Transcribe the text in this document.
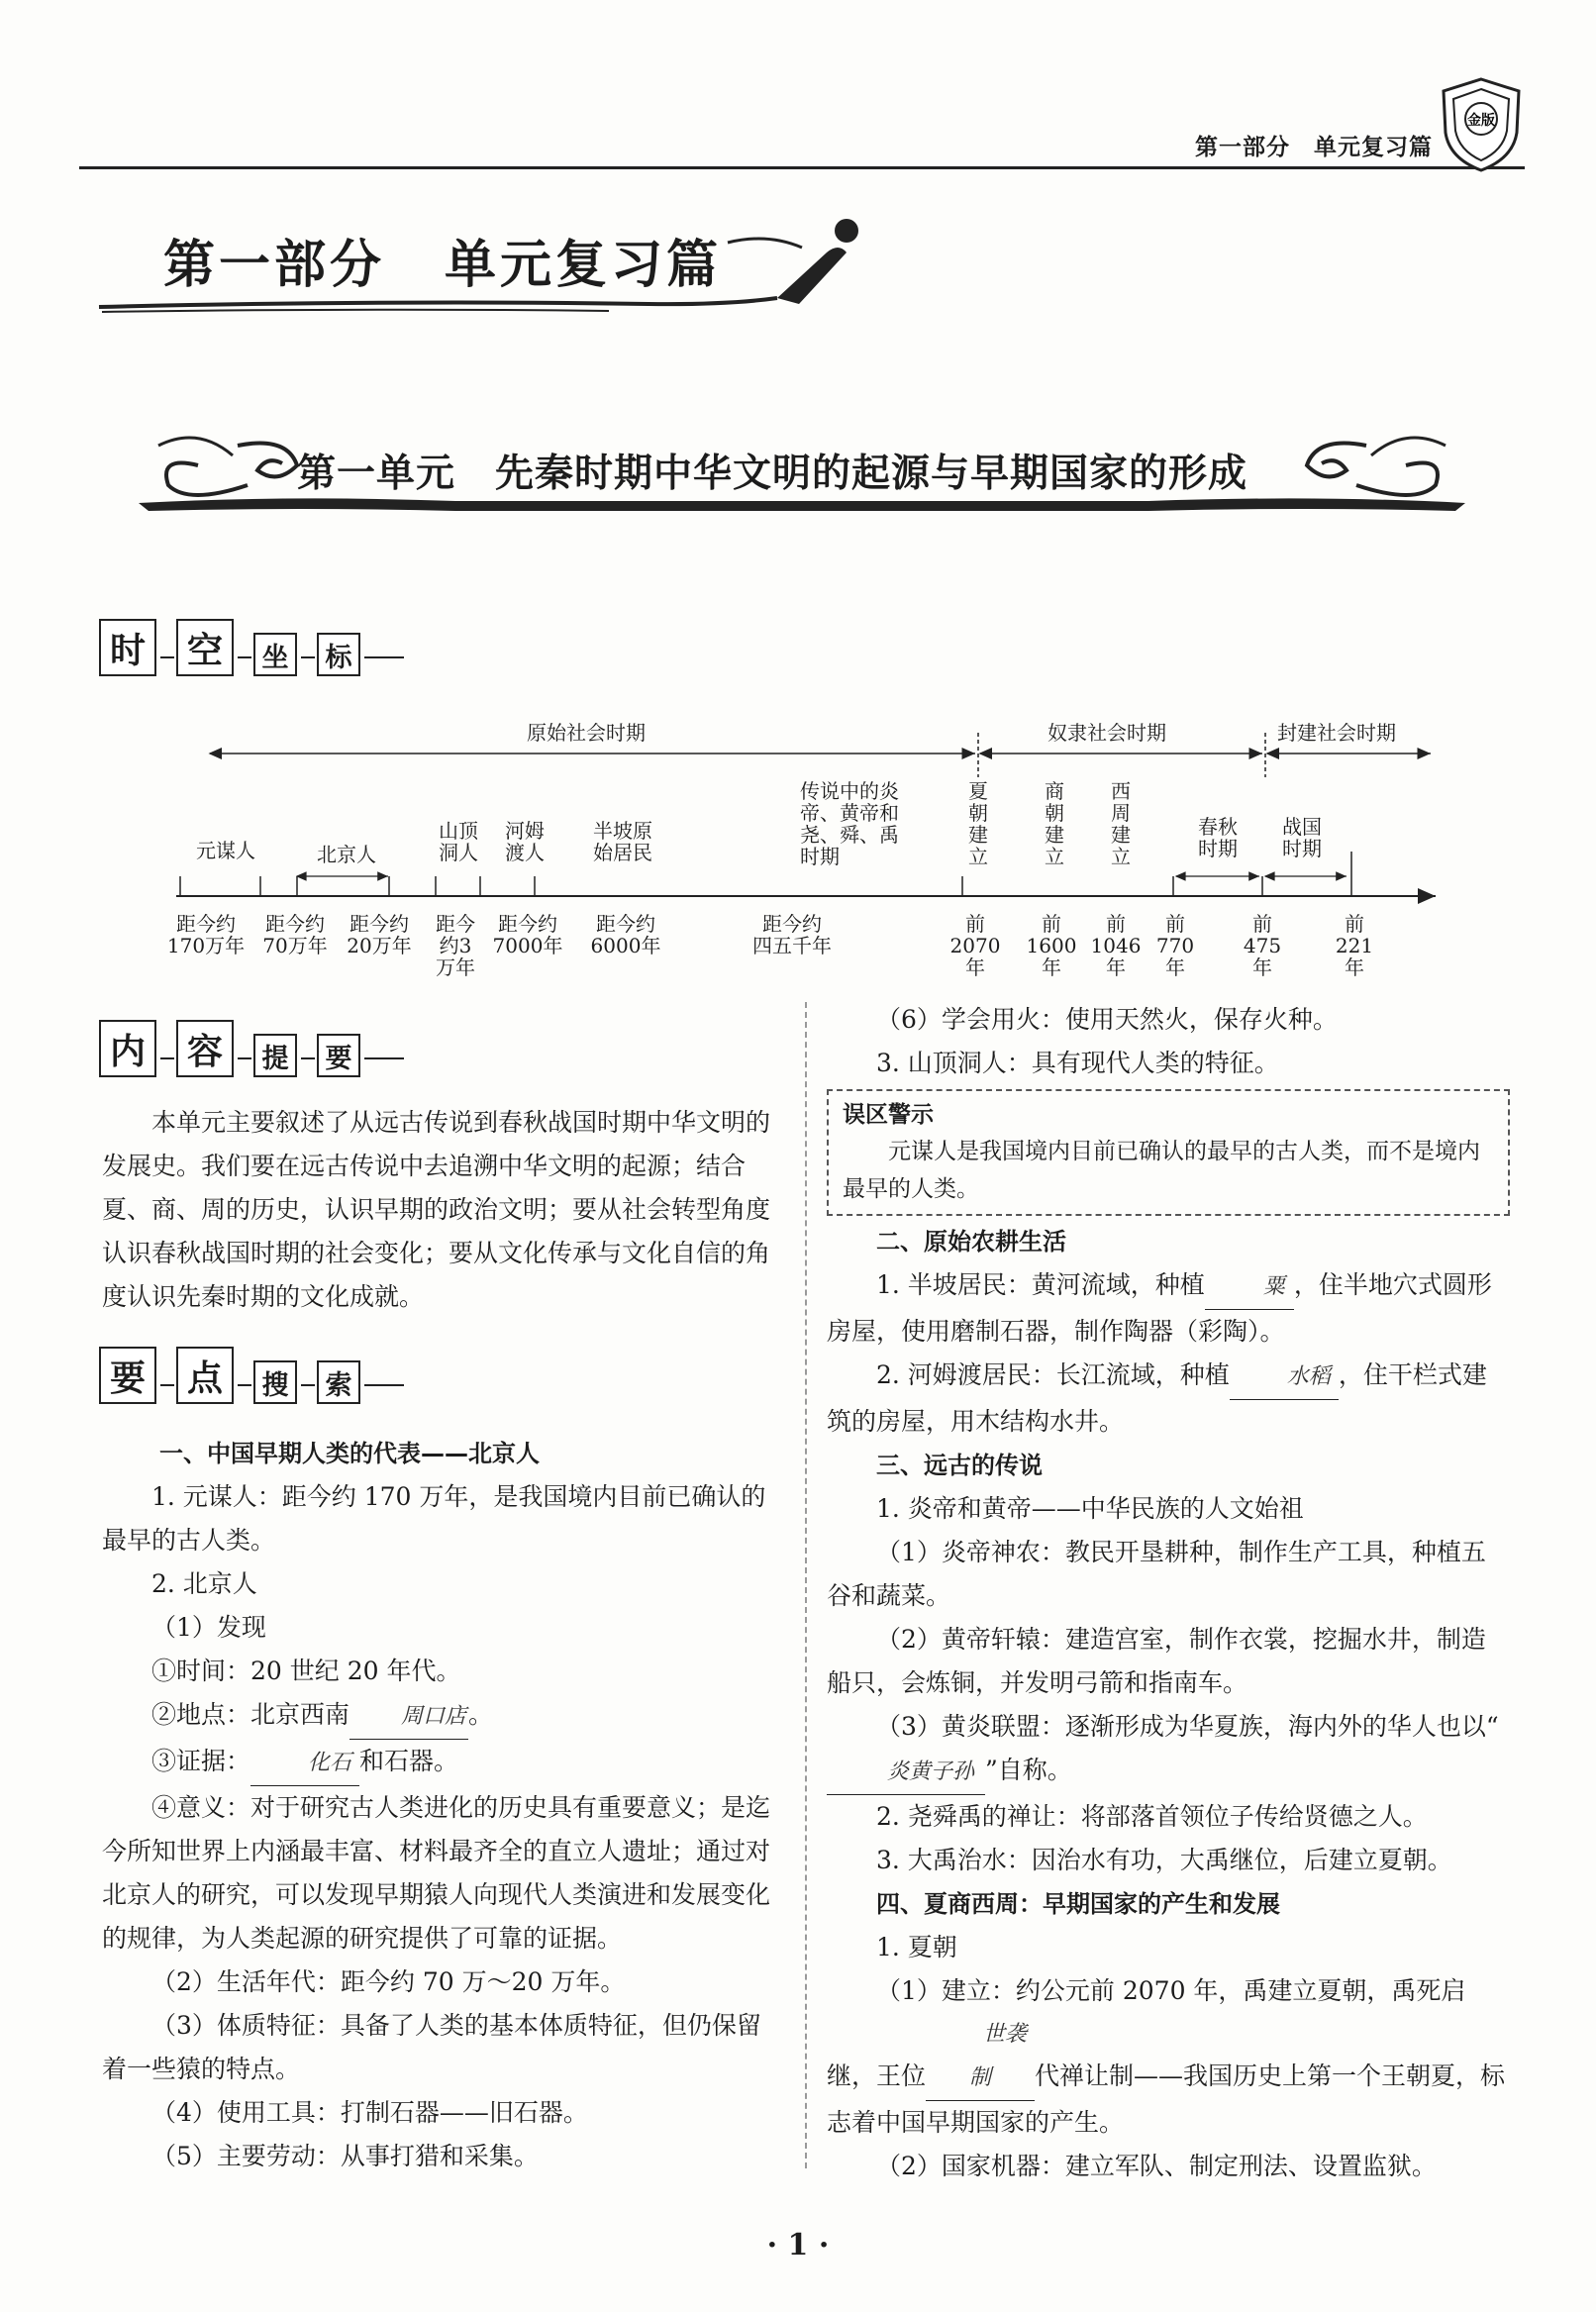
第一部分　单元复习篇
金版
第一部分 单元复习篇
第一单元　先秦时期中华文明的起源与早期国家的形成
时	空	坐	标
原始社会时期	奴隶社会时期	封建社会时期
元谋人	北京人
山顶
洞人
河姆
渡人
半坡原
始居民
传说中的炎
帝、黄帝和
尧、舜、禹
时期
夏
朝
建
立
商
朝
建
立
西
周
建
立
春秋
时期
战国
时期
距今约
170万年
距今约
70万年
距今约
20万年
距今
约3
万年
距今约
7000年
距今约
6000年
距今约
四五千年
前
2070
年
前
1600
年
前
1046
年
前
770
年
前
475
年
前
221
年
内	容	提	要

本单元主要叙述了从远古传说到春秋战国时期中华文明的发展史。我们要在远古传说中去追溯中华文明的起源；结合夏、商、周的历史，认识早期的政治文明；要从社会转型角度认识春秋战国时期的社会变化；要从文化传承与文化自信的角度认识先秦时期的文化成就。

要	点	搜	索

一、中国早期人类的代表——北京人

1. 元谋人：距今约 170 万年，是我国境内目前已确认的最早的古人类。

2. 北京人

（1）发现

①时间：20 世纪 20 年代。

②地点：北京西南 周口店。

③证据：	化石 和石器。

④意义：对于研究古人类进化的历史具有重要意义；是迄今所知世界上内涵最丰富、材料最齐全的直立人遗址；通过对北京人的研究，可以发现早期猿人向现代人类演进和发展变化的规律，为人类起源的研究提供了可靠的证据。

（2）生活年代：距今约 70 万～20 万年。

（3）体质特征：具备了人类的基本体质特征，但仍保留着一些猿的特点。

（4）使用工具：打制石器——旧石器。

（5）主要劳动：从事打猎和采集。

（6）学会用火：使用天然火，保存火种。

3. 山顶洞人：具有现代人类的特征。

误区警示
元谋人是我国境内目前已确认的最早的古人类，而不是境内最早的人类。

二、原始农耕生活

1. 半坡居民：黄河流域，种植	粟 ，住半地穴式圆形房屋，使用磨制石器，制作陶器（彩陶）。

2. 河姆渡居民：长江流域，种植	水稻 ，住干栏式建筑的房屋，用木结构水井。

三、远古的传说

1. 炎帝和黄帝——中华民族的人文始祖

（1）炎帝神农：教民开垦耕种，制作生产工具，种植五谷和蔬菜。

（2）黄帝轩辕：建造宫室，制作衣裳，挖掘水井，制造船只，会炼铜，并发明弓箭和指南车。

（3）黄炎联盟：逐渐形成为华夏族，海内外的华人也以“炎黄子孙 ”自称。

2. 尧舜禹的禅让：将部落首领位子传给贤德之人。

3. 大禹治水：因治水有功，大禹继位，后建立夏朝。

四、夏商西周：早期国家的产生和发展

1. 夏朝

（1）建立：约公元前 2070 年，禹建立夏朝，禹死启继，王位世袭制 代禅让制——我国历史上第一个王朝夏，标志着中国早期国家的产生。

（2）国家机器：建立军队、制定刑法、设置监狱。

· 1 ·
